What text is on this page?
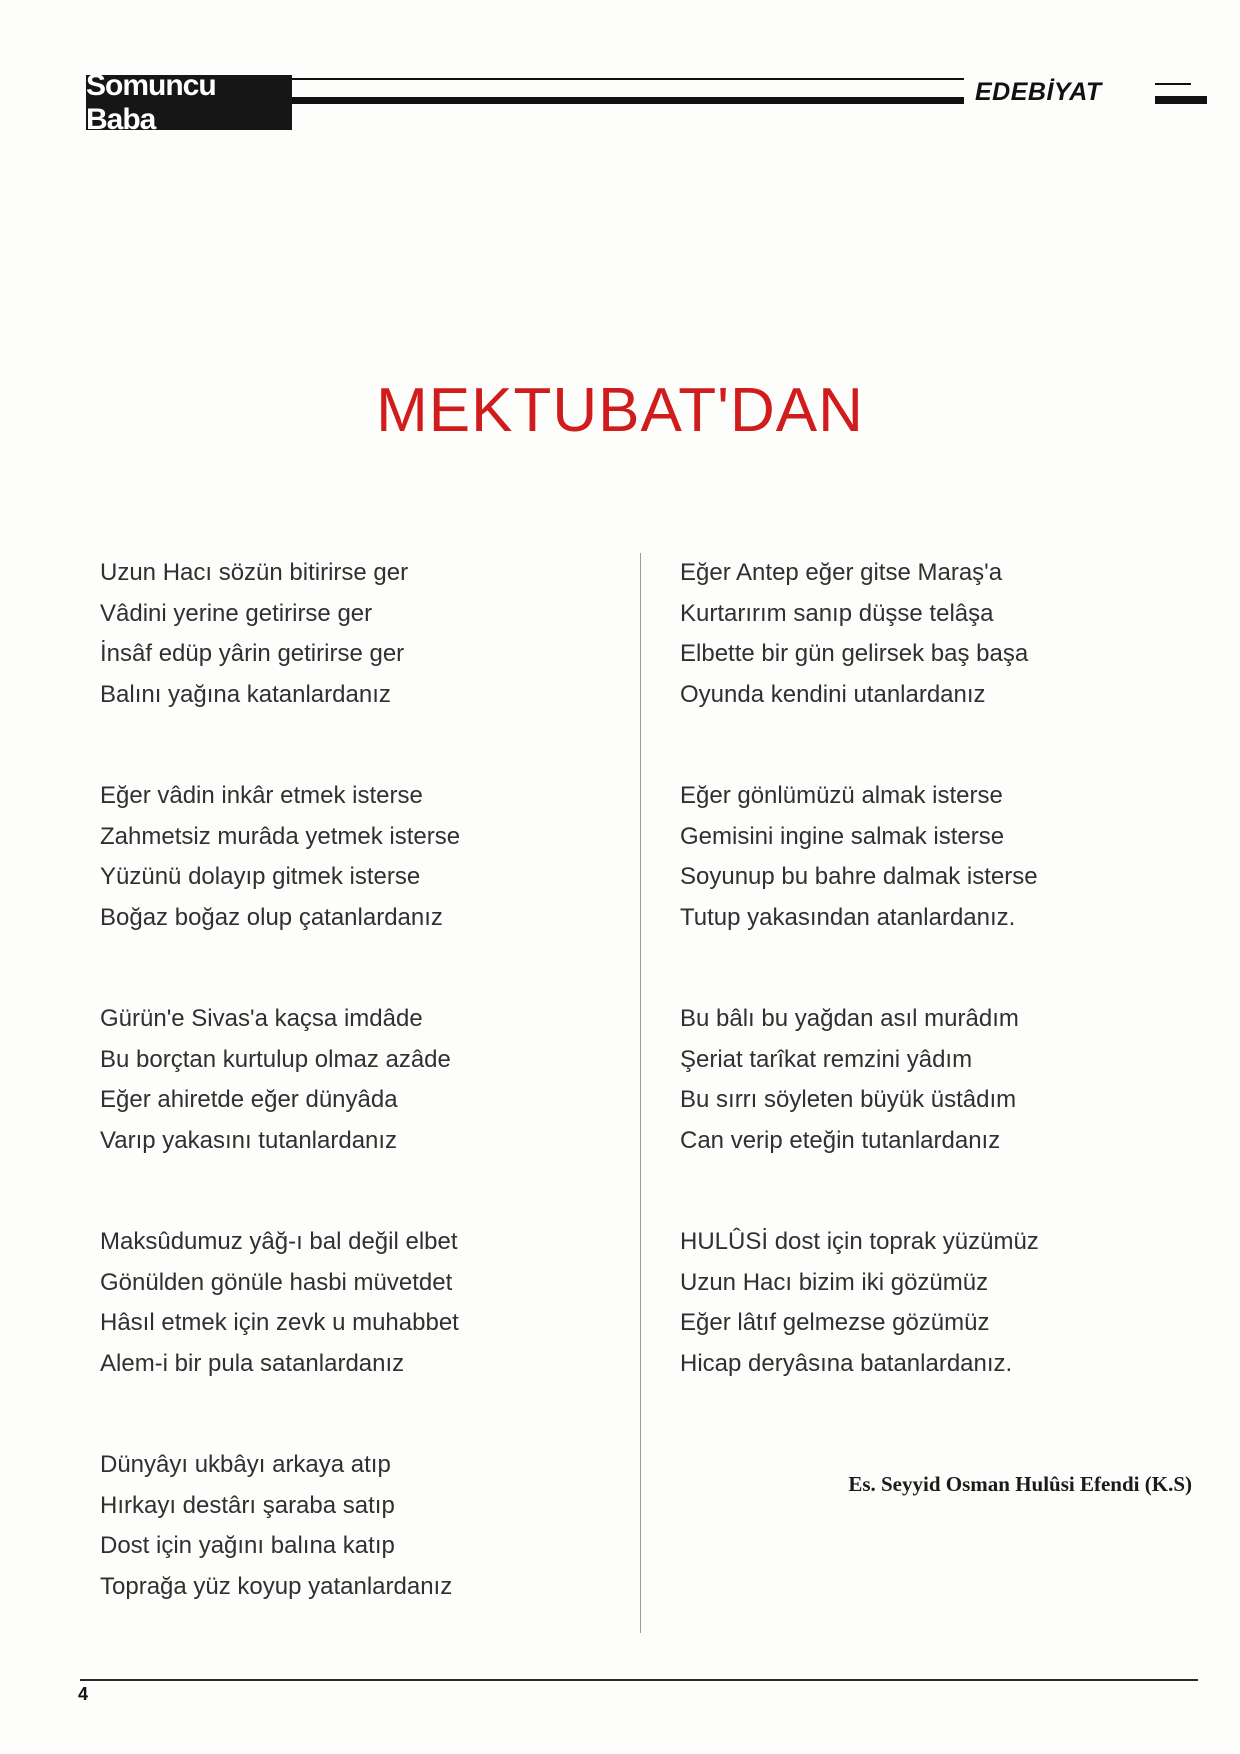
Somuncu Baba
EDEBİYAT
MEKTUBAT'DAN
Uzun Hacı sözün bitirirse ger
Vâdini yerine getirirse ger
İnsâf edüp yârin getirirse ger
Balını yağına katanlardanız
Eğer vâdin inkâr etmek isterse
Zahmetsiz murâda yetmek isterse
Yüzünü dolayıp gitmek isterse
Boğaz boğaz olup çatanlardanız
Gürün'e Sivas'a kaçsa imdâde
Bu borçtan kurtulup olmaz azâde
Eğer ahiretde eğer dünyâda
Varıp yakasını tutanlardanız
Maksûdumuz yâğ-ı bal değil elbet
Gönülden gönüle hasbi müvetdet
Hâsıl etmek için zevk u muhabbet
Alem-i bir pula satanlardanız
Dünyâyı ukbâyı arkaya atıp
Hırkayı destârı şaraba satıp
Dost için yağını balına katıp
Toprağa yüz koyup yatanlardanız
Eğer Antep eğer gitse Maraş'a
Kurtarırım sanıp düşse telâşa
Elbette bir gün gelirsek baş başa
Oyunda kendini utanlardanız
Eğer gönlümüzü almak isterse
Gemisini ingine salmak isterse
Soyunup bu bahre dalmak isterse
Tutup yakasından atanlardanız.
Bu bâlı bu yağdan asıl murâdım
Şeriat tarîkat remzini yâdım
Bu sırrı söyleten büyük üstâdım
Can verip eteğin tutanlardanız
HULÛSİ dost için toprak yüzümüz
Uzun Hacı bizim iki gözümüz
Eğer lâtıf gelmezse gözümüz
Hicap deryâsına batanlardanız.
Es. Seyyid Osman Hulûsi Efendi (K.S)
4
